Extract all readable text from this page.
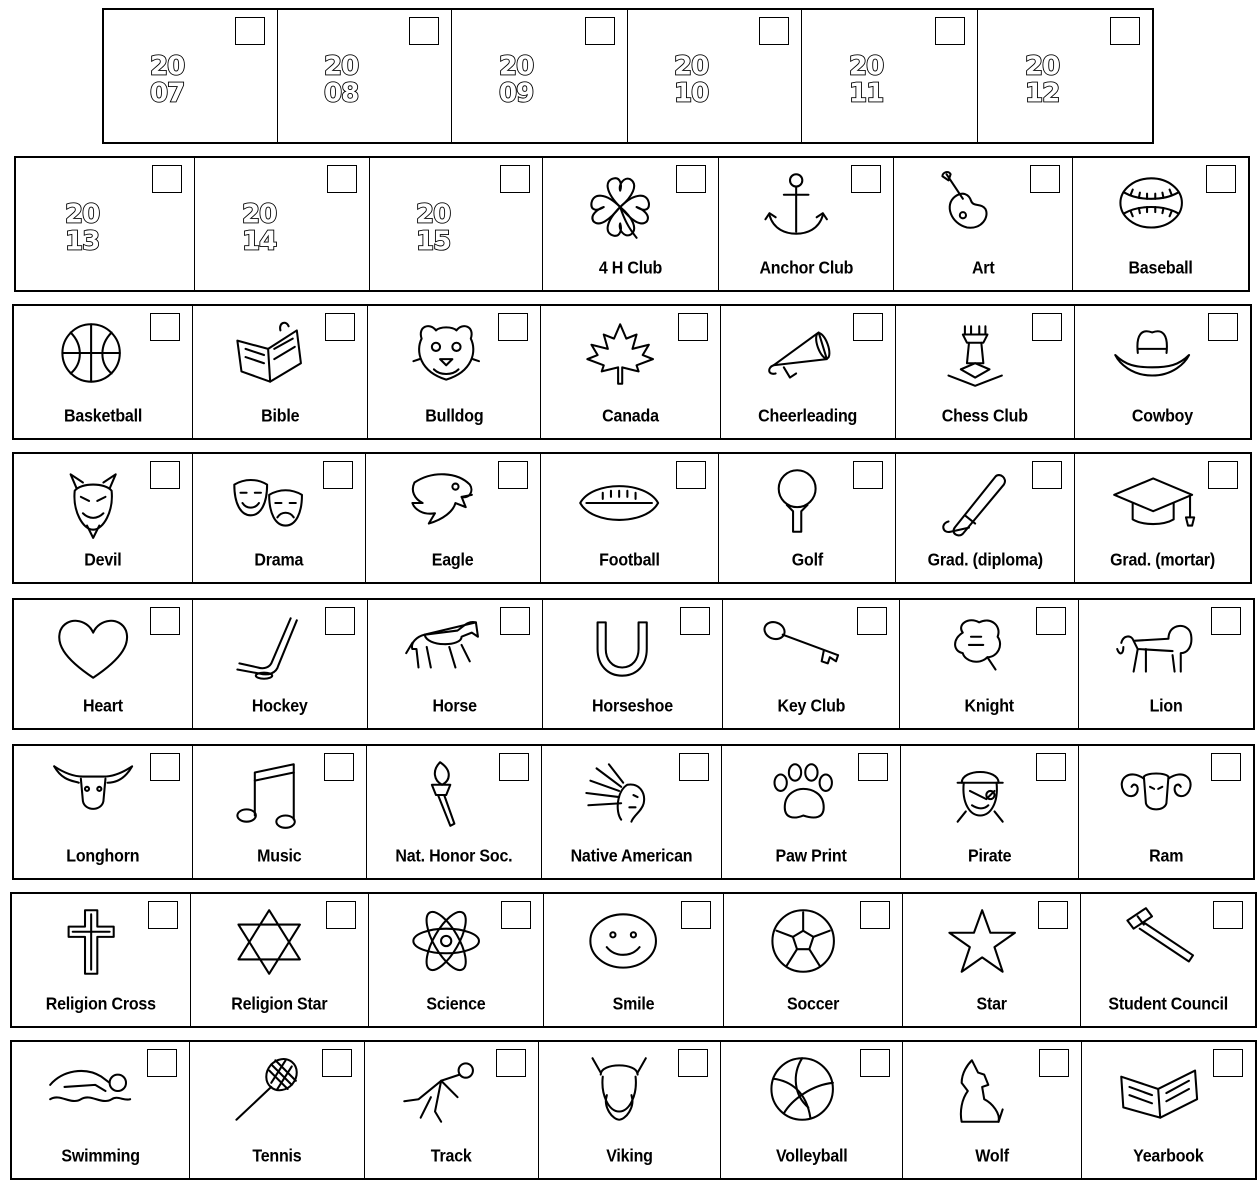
20
07
20
08
20
09
20
10
20
11
20
12
20
13
20
14
20
15
4 H Club	Anchor Club	Art	Baseball
Basketball	Bible	Bulldog	Canada	Cheerleading	Chess Club	Cowboy
Devil	Drama	Eagle	Football	Golf	Grad. (diploma)	Grad. (mortar)
Heart	Hockey	Horse	Horseshoe	Key Club	Knight	Lion
Longhorn	Music	Nat. Honor Soc.	Native American	Paw Print	Pirate	Ram
Religion Cross	Religion Star	Science	Smile	Soccer	Star	Student Council
Swimming	Tennis	Track	Viking	Volleyball	Wolf	Yearbook
